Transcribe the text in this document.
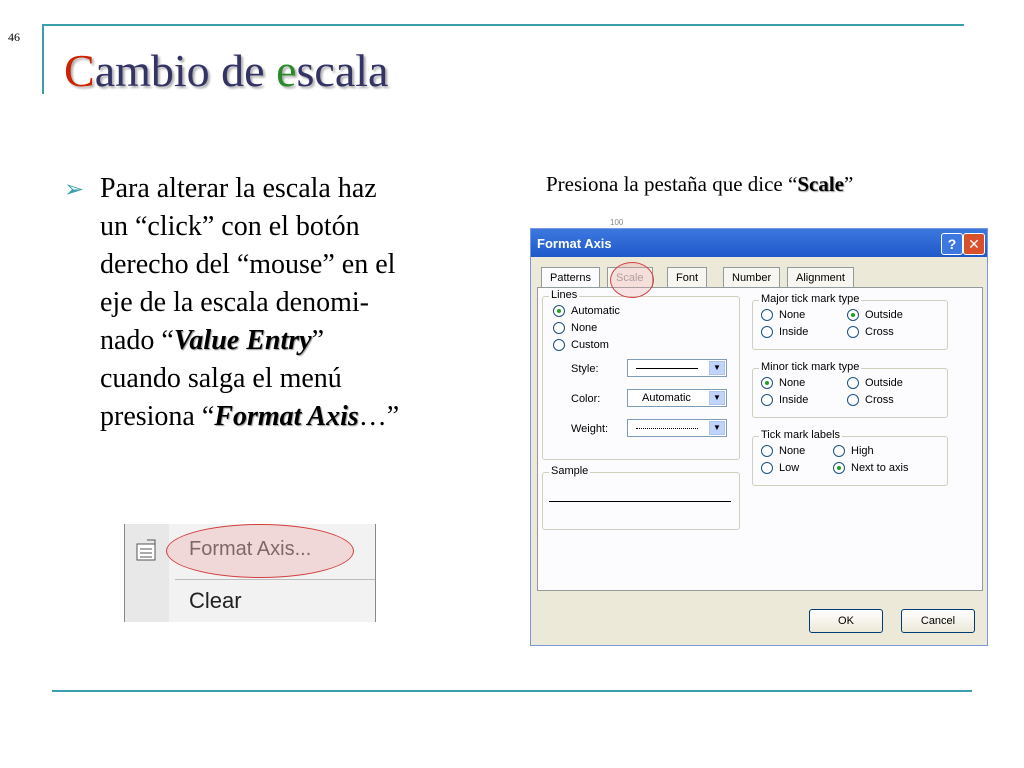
46
Cambio de escala
➢ Para alterar la escala haz
un “click” con el botón
derecho del “mouse” en el
eje de la escala denomi-
nado “Value Entry”
cuando salga el menú
presiona “Format Axis…”
Presiona la pestaña que dice “Scale”
Format Axis...
Clear
100
Format Axis	? ✕
Patterns	Scale	Font	Number	Alignment
Lines
Automatic
None
Custom
Style:	▼
Color:	Automatic	▼
Weight:	▼
Sample
Major tick mark type
None	Outside
Inside	Cross
Minor tick mark type
None	Outside
Inside	Cross
Tick mark labels
None	High
Low	Next to axis
OK	Cancel
